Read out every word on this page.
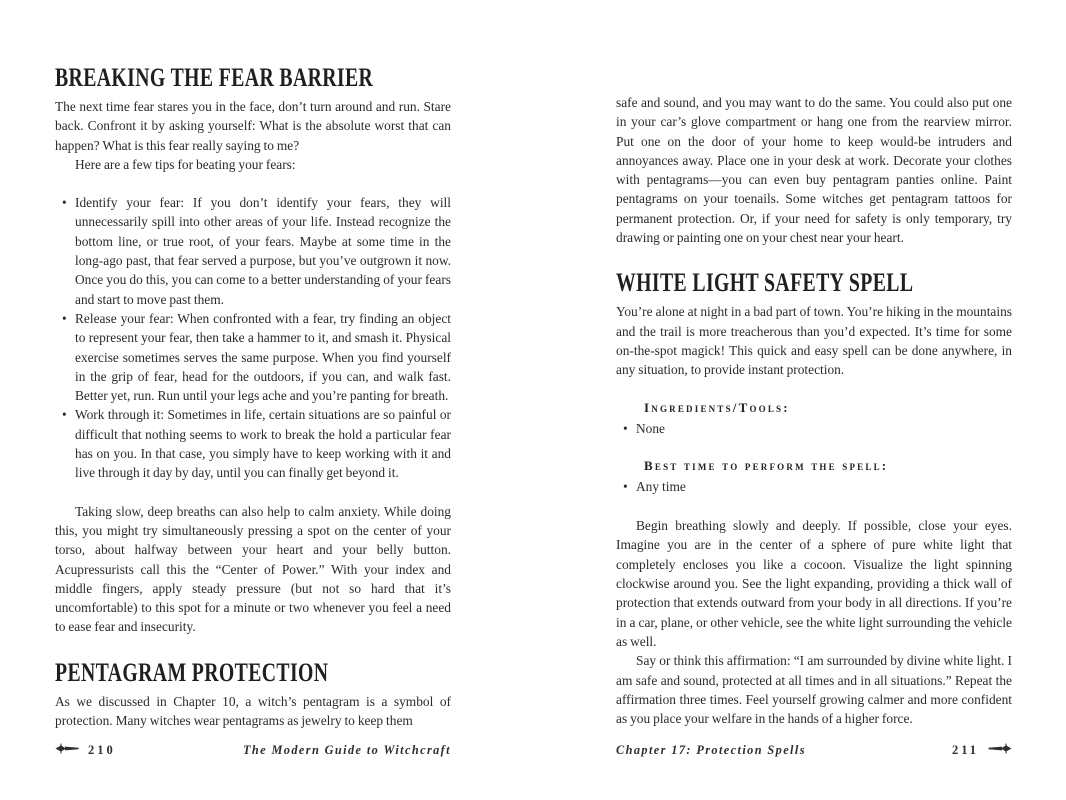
BREAKING THE FEAR BARRIER

The next time fear stares you in the face, don’t turn around and run. Stare back. Confront it by asking yourself: What is the absolute worst that can happen? What is this fear really saying to me?

Here are a few tips for beating your fears:

• Identify your fear: If you don’t identify your fears, they will unnecessarily spill into other areas of your life. Instead recognize the bottom line, or true root, of your fears. Maybe at some time in the long-ago past, that fear served a purpose, but you’ve outgrown it now. Once you do this, you can come to a better understanding of your fears and start to move past them.
• Release your fear: When confronted with a fear, try finding an object to represent your fear, then take a hammer to it, and smash it. Physical exercise sometimes serves the same purpose. When you find yourself in the grip of fear, head for the outdoors, if you can, and walk fast. Better yet, run. Run until your legs ache and you’re panting for breath.
• Work through it: Sometimes in life, certain situations are so painful or difficult that nothing seems to work to break the hold a particular fear has on you. In that case, you simply have to keep working with it and live through it day by day, until you can finally get beyond it.

Taking slow, deep breaths can also help to calm anxiety. While doing this, you might try simultaneously pressing a spot on the center of your torso, about halfway between your heart and your belly button. Acupressurists call this the “Center of Power.” With your index and middle fingers, apply steady pressure (but not so hard that it’s uncomfortable) to this spot for a minute or two whenever you feel a need to ease fear and insecurity.

PENTAGRAM PROTECTION

As we discussed in Chapter 10, a witch’s pentagram is a symbol of protection. Many witches wear pentagrams as jewelry to keep them

safe and sound, and you may want to do the same. You could also put one in your car’s glove compartment or hang one from the rearview mirror. Put one on the door of your home to keep would-be intruders and annoyances away. Place one in your desk at work. Decorate your clothes with pentagrams—you can even buy pentagram panties online. Paint pentagrams on your toenails. Some witches get pentagram tattoos for permanent protection. Or, if your need for safety is only temporary, try drawing or painting one on your chest near your heart.

WHITE LIGHT SAFETY SPELL

You’re alone at night in a bad part of town. You’re hiking in the mountains and the trail is more treacherous than you’d expected. It’s time for some on-the-spot magick! This quick and easy spell can be done anywhere, in any situation, to provide instant protection.

Ingredients/Tools:
• None
Best time to perform the spell:
• Any time

Begin breathing slowly and deeply. If possible, close your eyes. Imagine you are in the center of a sphere of pure white light that completely encloses you like a cocoon. Visualize the light spinning clockwise around you. See the light expanding, providing a thick wall of protection that extends outward from your body in all directions. If you’re in a car, plane, or other vehicle, see the white light surrounding the vehicle as well.

Say or think this affirmation: “I am surrounded by divine white light. I am safe and sound, protected at all times and in all situations.” Repeat the affirmation three times. Feel yourself growing calmer and more confident as you place your welfare in the hands of a higher force.

210	The Modern Guide to Witchcraft	Chapter 17: Protection Spells	211
